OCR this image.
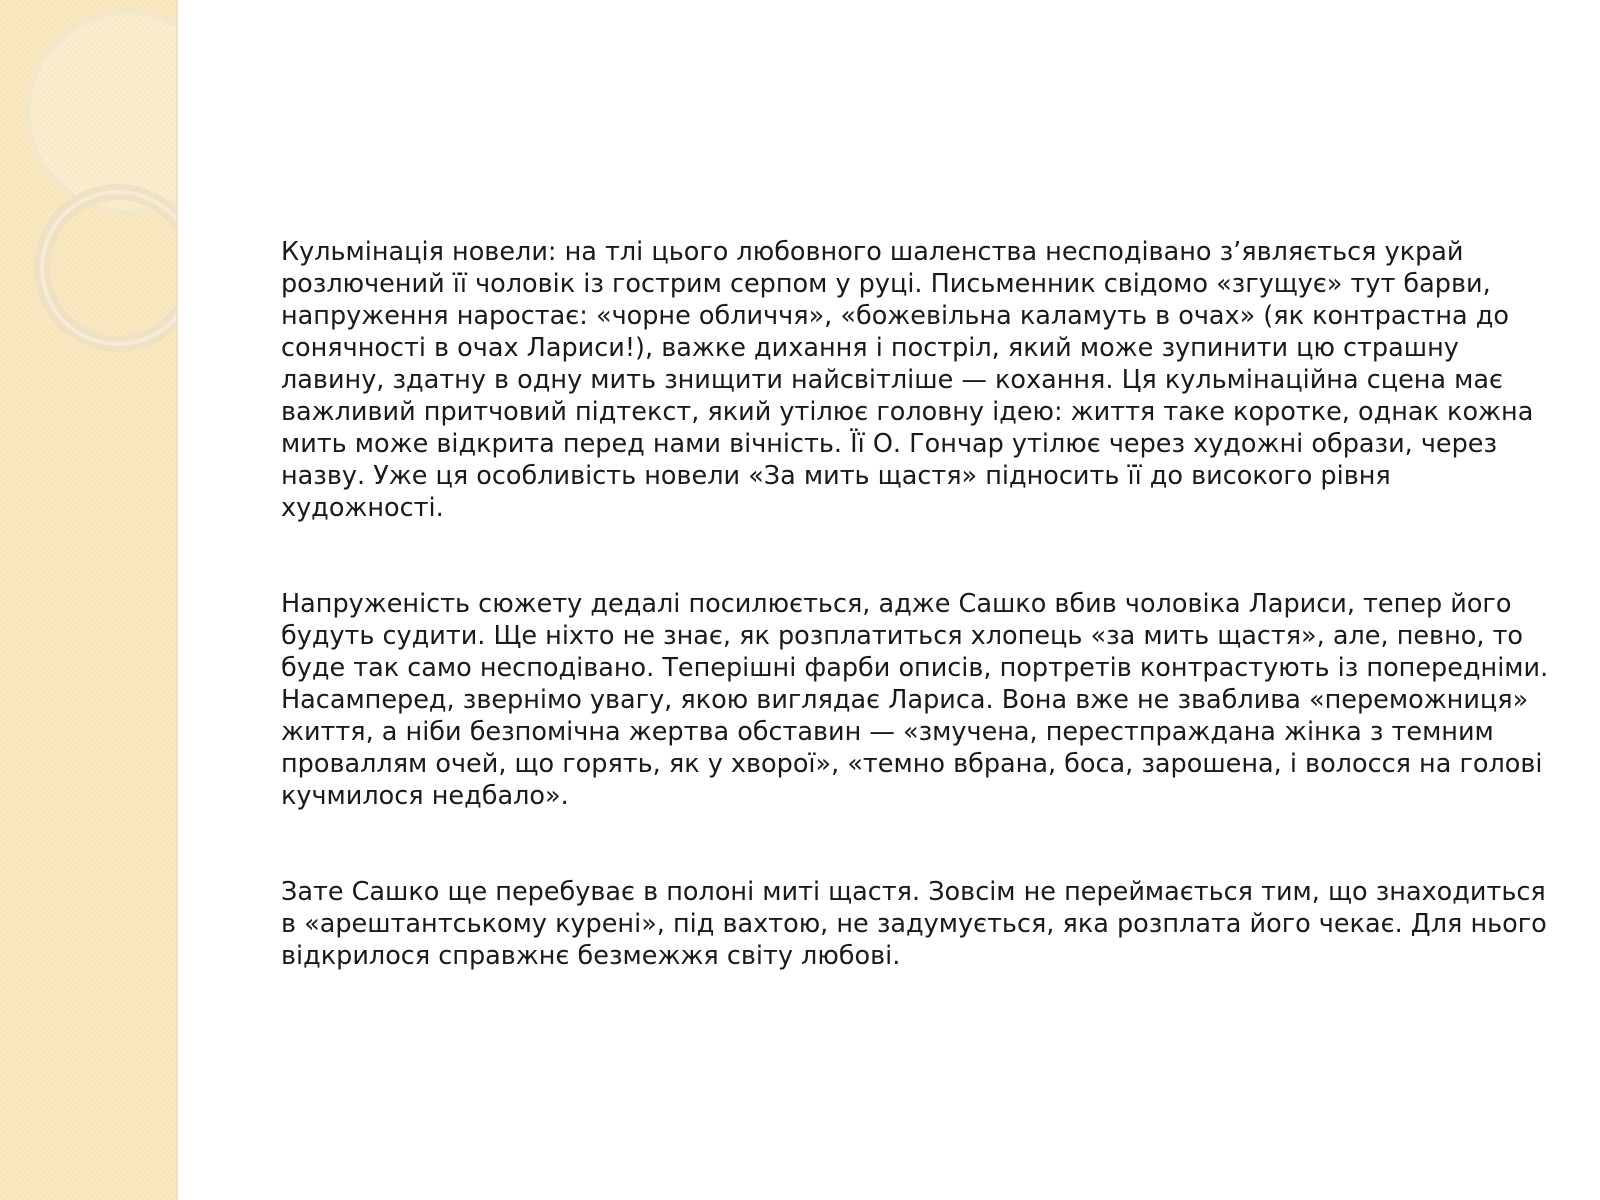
Кульмінація новели: на тлі цього любовного шаленства несподівано з’являється украй розлючений її чоловік із гострим серпом у руці. Письменник свідомо «згущує» тут барви, напруження наростає: «чорне обличчя», «божевільна каламуть в очах» (як контрастна до сонячності в очах Лариси!), важке дихання і постріл, який може зупинити цю страшну лавину, здатну в одну мить знищити найсвітліше — кохання. Ця кульмінаційна сцена має важливий притчовий підтекст, який утілює головну ідею: життя таке коротке, однак кожна мить може відкрита перед нами вічність. Її О. Гончар утілює через художні образи, через назву. Уже ця особливість новели «За мить щастя» підносить її до високого рівня художності.

Напруженість сюжету дедалі посилюється, адже Сашко вбив чоловіка Лариси, тепер його будуть судити. Ще ніхто не знає, як розплатиться хлопець «за мить щастя», але, певно, то буде так само несподівано. Теперішні фарби описів, портретів контрастують із попередніми. Насамперед, звернімо увагу, якою виглядає Лариса. Вона вже не зваблива «переможниця» життя, а ніби безпомічна жертва обставин — «змучена, перестпраждана жінка з темним проваллям очей, що горять, як у хворої», «темно вбрана, боса, зарошена, і волосся на голові кучмилося недбало».

Зате Сашко ще перебуває в полоні миті щастя. Зовсім не переймається тим, що знаходиться в «арештантському курені», під вахтою, не задумується, яка розплата його чекає. Для нього відкрилося справжнє безмежжя світу любові.
